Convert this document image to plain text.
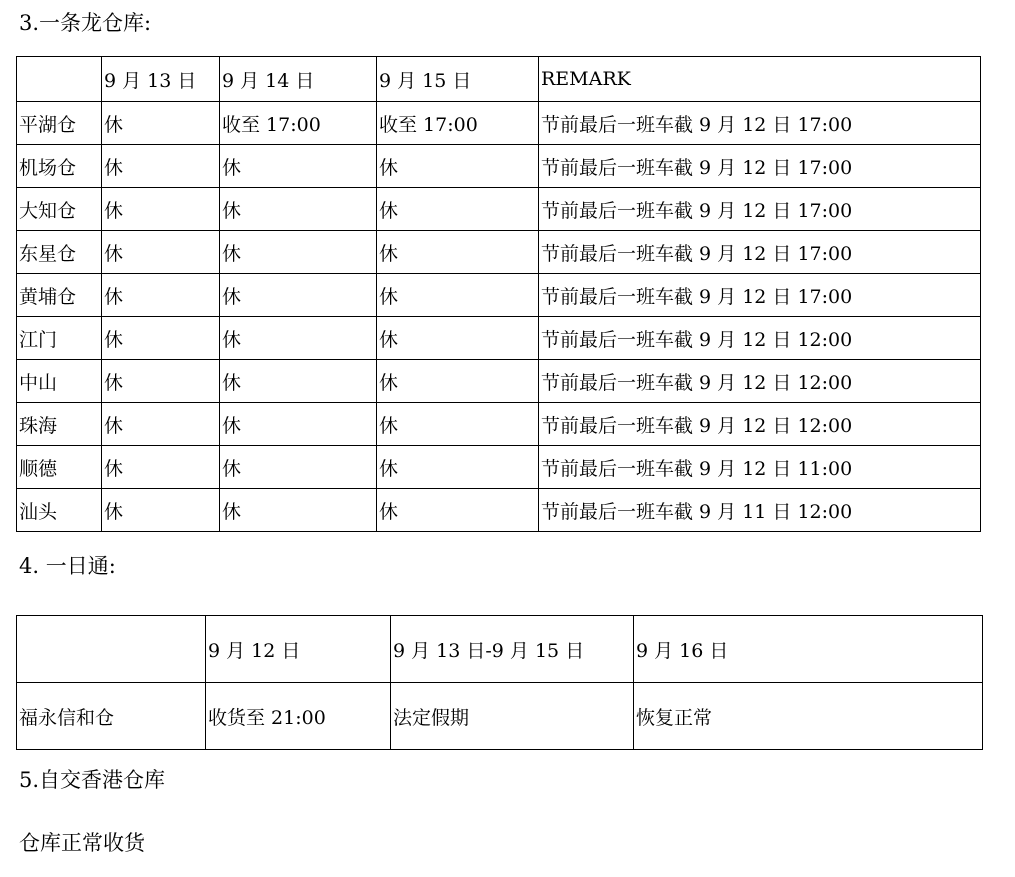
3.一条龙仓库:
	9 月 13 日	9 月 14 日	9 月 15 日	REMARK
平湖仓	休	收至 17:00	收至 17:00	节前最后一班车截 9 月 12 日 17:00
机场仓	休	休	休	节前最后一班车截 9 月 12 日 17:00
大知仓	休	休	休	节前最后一班车截 9 月 12 日 17:00
东星仓	休	休	休	节前最后一班车截 9 月 12 日 17:00
黄埔仓	休	休	休	节前最后一班车截 9 月 12 日 17:00
江门	休	休	休	节前最后一班车截 9 月 12 日 12:00
中山	休	休	休	节前最后一班车截 9 月 12 日 12:00
珠海	休	休	休	节前最后一班车截 9 月 12 日 12:00
顺德	休	休	休	节前最后一班车截 9 月 12 日 11:00
汕头	休	休	休	节前最后一班车截 9 月 11 日 12:00
4. 一日通:
	9 月 12 日	9 月 13 日-9 月 15 日	9 月 16 日
福永信和仓	收货至 21:00	法定假期	恢复正常
5.自交香港仓库
仓库正常收货
